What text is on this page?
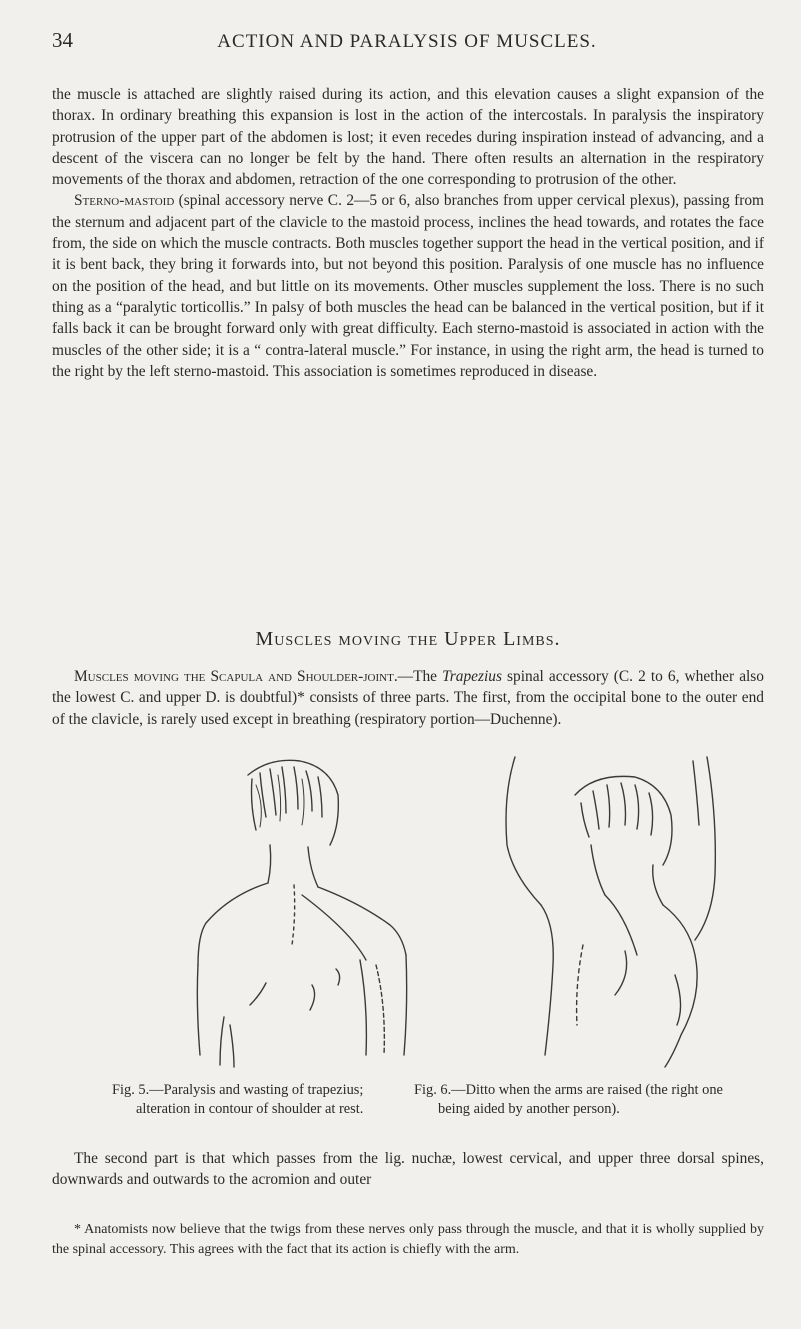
34	ACTION AND PARALYSIS OF MUSCLES.

the muscle is attached are slightly raised during its action, and this elevation causes a slight expansion of the thorax. In ordinary breathing this expansion is lost in the action of the intercostals. In paralysis the inspiratory protrusion of the upper part of the abdomen is lost; it even recedes during inspiration instead of advancing, and a descent of the viscera can no longer be felt by the hand. There often results an alternation in the respiratory movements of the thorax and abdomen, retraction of the one corresponding to protrusion of the other.

Sterno-mastoid (spinal accessory nerve C. 2—5 or 6, also branches from upper cervical plexus), passing from the sternum and adjacent part of the clavicle to the mastoid process, inclines the head towards, and rotates the face from, the side on which the muscle contracts. Both muscles together support the head in the vertical position, and if it is bent back, they bring it forwards into, but not beyond this position. Paralysis of one muscle has no influence on the position of the head, and but little on its movements. Other muscles supplement the loss. There is no such thing as a “paralytic torticollis.” In palsy of both muscles the head can be balanced in the vertical position, but if it falls back it can be brought forward only with great difficulty. Each sterno-mastoid is associated in action with the muscles of the other side; it is a “ contra-lateral muscle.” For instance, in using the right arm, the head is turned to the right by the left sterno-mastoid. This association is sometimes reproduced in disease.

Muscles moving the Upper Limbs.

Muscles moving the Scapula and Shoulder-joint.—The Trapezius spinal accessory (C. 2 to 6, whether also the lowest C. and upper D. is doubtful)* consists of three parts. The first, from the occipital bone to the outer end of the clavicle, is rarely used except in breathing (respiratory portion—Duchenne).

Fig. 5.—Paralysis and wasting of trapezius; alteration in contour of shoulder at rest.
Fig. 6.—Ditto when the arms are raised (the right one being aided by another person).

The second part is that which passes from the lig. nuchæ, lowest cervical, and upper three dorsal spines, downwards and outwards to the acromion and outer

* Anatomists now believe that the twigs from these nerves only pass through the muscle, and that it is wholly supplied by the spinal accessory. This agrees with the fact that its action is chiefly with the arm.
